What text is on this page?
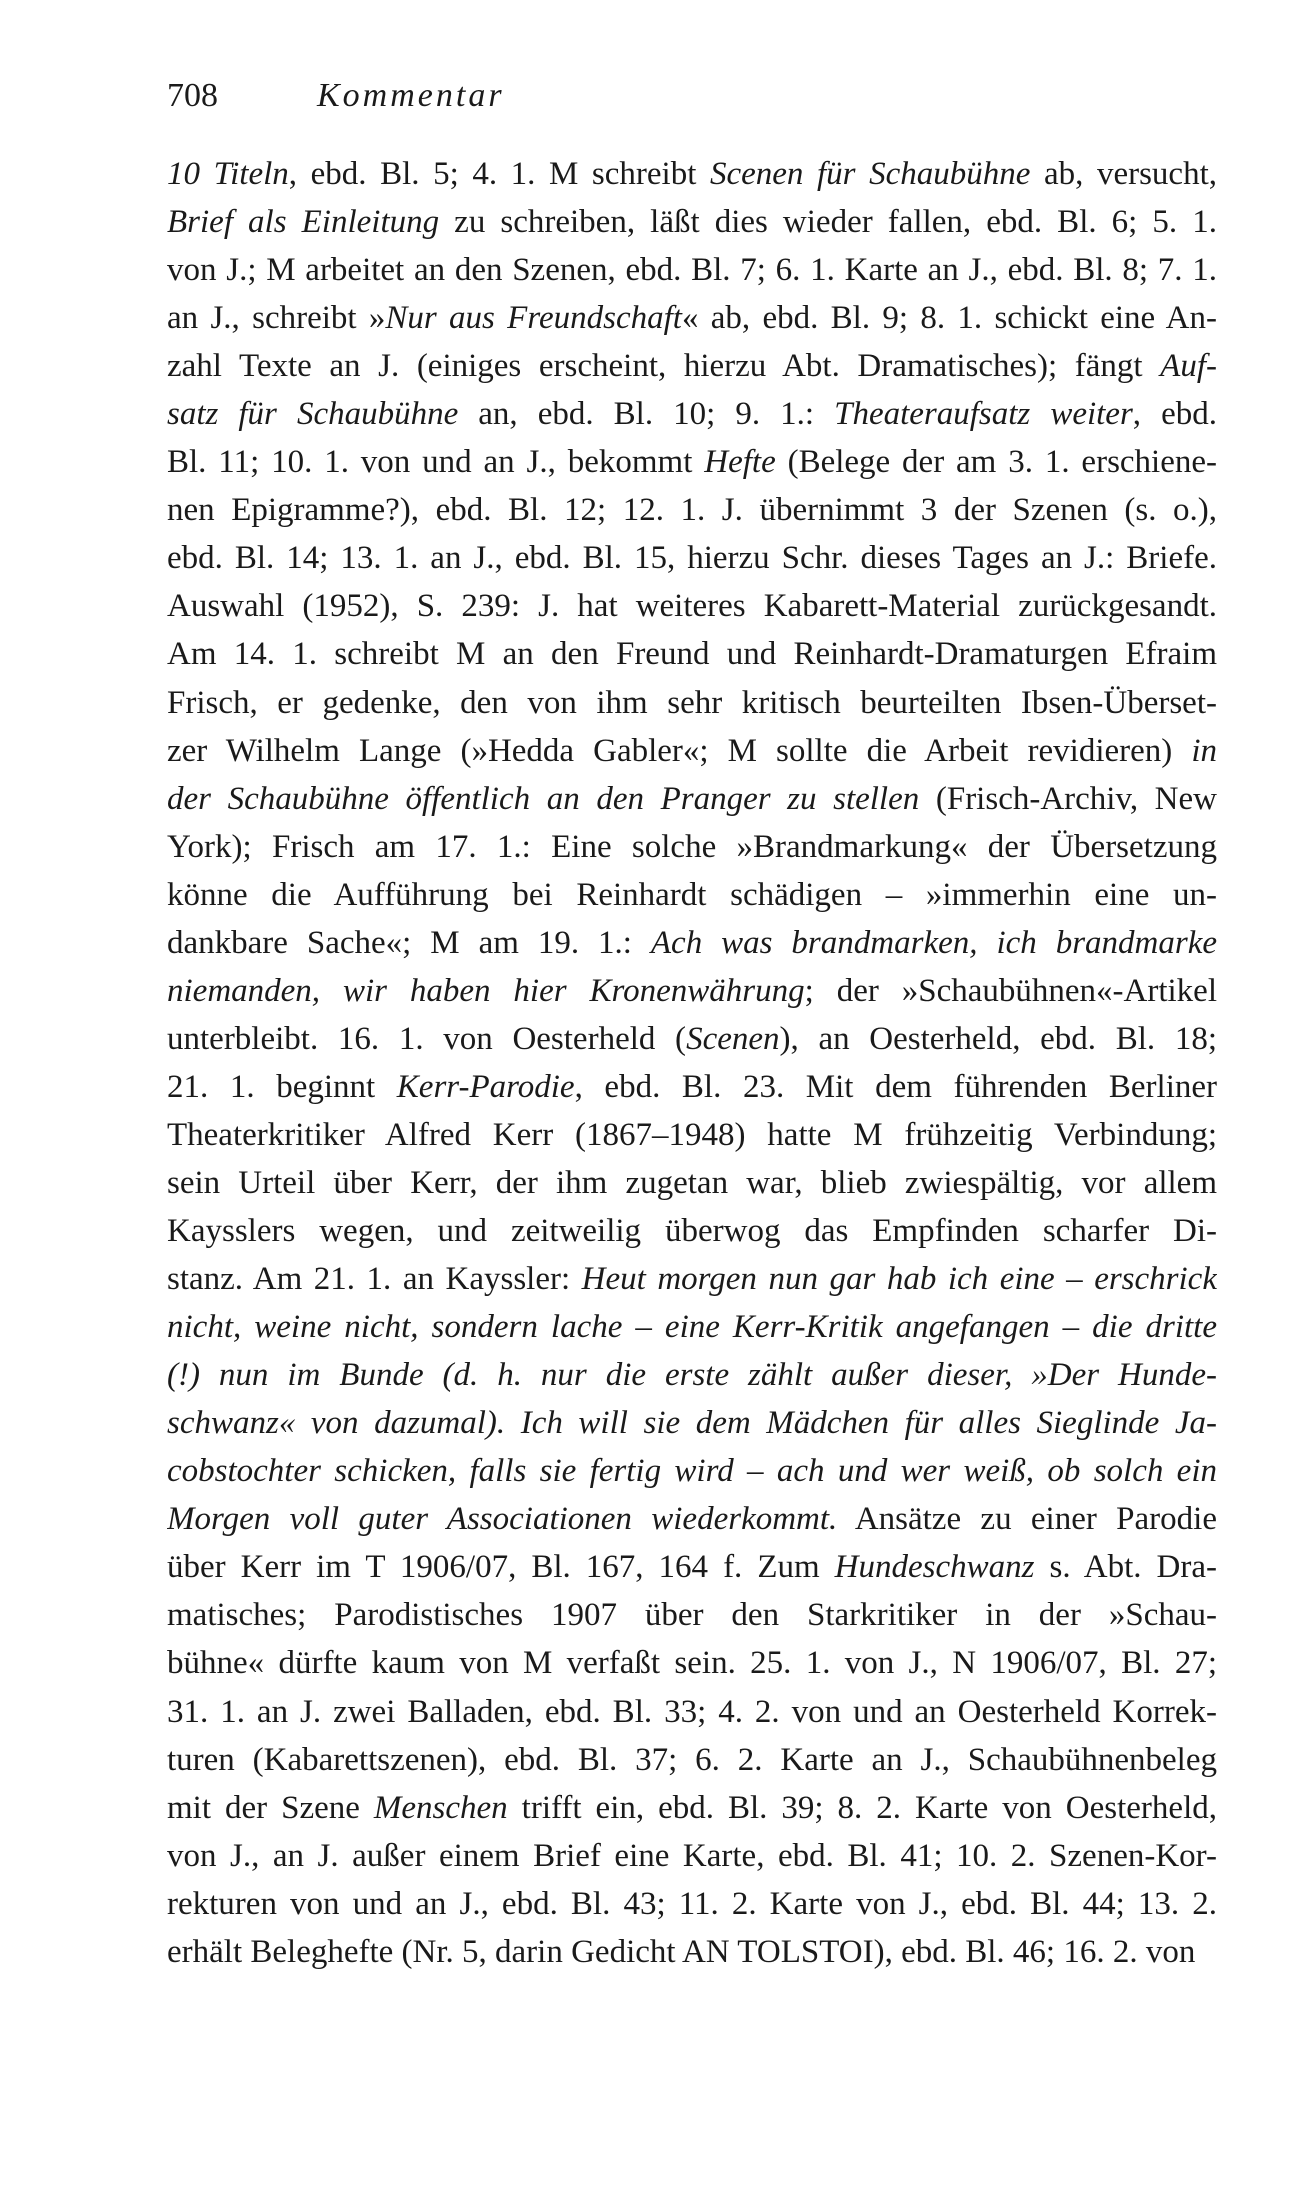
708	Kommentar
10 Titeln, ebd. Bl. 5; 4. 1. M schreibt Scenen für Schaubühne ab, versucht,
Brief als Einleitung zu schreiben, läßt dies wieder fallen, ebd. Bl. 6; 5. 1.
von J.; M arbeitet an den Szenen, ebd. Bl. 7; 6. 1. Karte an J., ebd. Bl. 8; 7. 1.
an J., schreibt »Nur aus Freundschaft« ab, ebd. Bl. 9; 8. 1. schickt eine An-
zahl Texte an J. (einiges erscheint, hierzu Abt. Dramatisches); fängt Auf-
satz für Schaubühne an, ebd. Bl. 10; 9. 1.: Theateraufsatz weiter, ebd.
Bl. 11; 10. 1. von und an J., bekommt Hefte (Belege der am 3. 1. erschiene-
nen Epigramme?), ebd. Bl. 12; 12. 1. J. übernimmt 3 der Szenen (s. o.),
ebd. Bl. 14; 13. 1. an J., ebd. Bl. 15, hierzu Schr. dieses Tages an J.: Briefe.
Auswahl (1952), S. 239: J. hat weiteres Kabarett-Material zurückgesandt.
Am 14. 1. schreibt M an den Freund und Reinhardt-Dramaturgen Efraim
Frisch, er gedenke, den von ihm sehr kritisch beurteilten Ibsen-Überset-
zer Wilhelm Lange (»Hedda Gabler«; M sollte die Arbeit revidieren) in
der Schaubühne öffentlich an den Pranger zu stellen (Frisch-Archiv, New
York); Frisch am 17. 1.: Eine solche »Brandmarkung« der Übersetzung
könne die Aufführung bei Reinhardt schädigen – »immerhin eine un-
dankbare Sache«; M am 19. 1.: Ach was brandmarken, ich brandmarke
niemanden, wir haben hier Kronenwährung; der »Schaubühnen«-Artikel
unterbleibt. 16. 1. von Oesterheld (Scenen), an Oesterheld, ebd. Bl. 18;
21. 1. beginnt Kerr-Parodie, ebd. Bl. 23. Mit dem führenden Berliner
Theaterkritiker Alfred Kerr (1867–1948) hatte M frühzeitig Verbindung;
sein Urteil über Kerr, der ihm zugetan war, blieb zwiespältig, vor allem
Kaysslers wegen, und zeitweilig überwog das Empfinden scharfer Di-
stanz. Am 21. 1. an Kayssler: Heut morgen nun gar hab ich eine – erschrick
nicht, weine nicht, sondern lache – eine Kerr-Kritik angefangen – die dritte
(!) nun im Bunde (d. h. nur die erste zählt außer dieser, »Der Hunde-
schwanz« von dazumal). Ich will sie dem Mädchen für alles Sieglinde Ja-
cobstochter schicken, falls sie fertig wird – ach und wer weiß, ob solch ein
Morgen voll guter Associationen wiederkommt. Ansätze zu einer Parodie
über Kerr im T 1906/07, Bl. 167, 164 f. Zum Hundeschwanz s. Abt. Dra-
matisches; Parodistisches 1907 über den Starkritiker in der »Schau-
bühne« dürfte kaum von M verfaßt sein. 25. 1. von J., N 1906/07, Bl. 27;
31. 1. an J. zwei Balladen, ebd. Bl. 33; 4. 2. von und an Oesterheld Korrek-
turen (Kabarettszenen), ebd. Bl. 37; 6. 2. Karte an J., Schaubühnenbeleg
mit der Szene Menschen trifft ein, ebd. Bl. 39; 8. 2. Karte von Oesterheld,
von J., an J. außer einem Brief eine Karte, ebd. Bl. 41; 10. 2. Szenen-Kor-
rekturen von und an J., ebd. Bl. 43; 11. 2. Karte von J., ebd. Bl. 44; 13. 2.
erhält Beleghefte (Nr. 5, darin Gedicht AN TOLSTOI), ebd. Bl. 46; 16. 2. von
